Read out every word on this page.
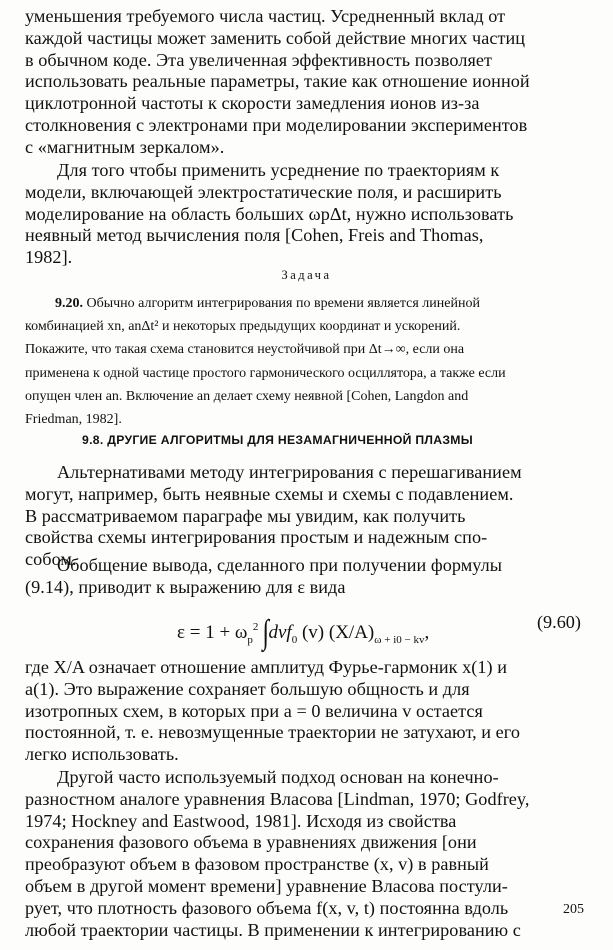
уменьшения требуемого числа частиц. Усредненный вклад от

каждой частицы может заменить собой действие многих частиц

в обычном коде. Эта увеличенная эффективность позволяет

использовать реальные параметры, такие как отношение ионной

циклотронной частоты к скорости замедления ионов из-за

столкновения с электронами при моделировании экспериментов

с «магнитным зеркалом».

Для того чтобы применить усреднение по траекториям к

модели, включающей электростатические поля, и расширить

моделирование на область больших ωpΔt, нужно использовать

неявный метод вычисления поля [Cohen, Freis and Thomas,

1982].

Задача
9.20. Обычно алгоритм интегрирования по времени является линейной
комбинацией xn, anΔt² и некоторых предыдущих координат и ускорений.
Покажите, что такая схема становится неустойчивой при Δt→∞, если она
применена к одной частице простого гармонического осциллятора, а также если
опущен член an. Включение an делает схему неявной [Cohen, Langdon and
Friedman, 1982].
9.8. ДРУГИЕ АЛГОРИТМЫ ДЛЯ НЕЗАМАГНИЧЕННОЙ ПЛАЗМЫ

Альтернативами методу интегрирования с перешагиванием

могут, например, быть неявные схемы и схемы с подавлением.

В рассматриваемом параграфе мы увидим, как получить

свойства схемы интегрирования простым и надежным спо-

собом.

Обобщение вывода, сделанного при получении формулы

(9.14), приводит к выражению для ε вида

$\varepsilon = 1 + \omega_p^2$ ∫dvf$_0$ (v) $(X/A)_{\omega + i0 - kv}$,	(9.60)

где X/A означает отношение амплитуд Фурье-гармоник x(1) и

a(1). Это выражение сохраняет большую общность и для

изотропных схем, в которых при a = 0 величина v остается

постоянной, т. е. невозмущенные траектории не затухают, и его

легко использовать.

Другой часто используемый подход основан на конечно-

разностном аналоге уравнения Власова [Lindman, 1970; Godfrey,

1974; Hockney and Eastwood, 1981]. Исходя из свойства

сохранения фазового объема в уравнениях движения [они

преобразуют объем в фазовом пространстве (x, v) в равный

объем в другой момент времени] уравнение Власова постули-

рует, что плотность фазового объема f(x, v, t) постоянна вдоль

любой траектории частицы. В применении к интегрированию с

205
